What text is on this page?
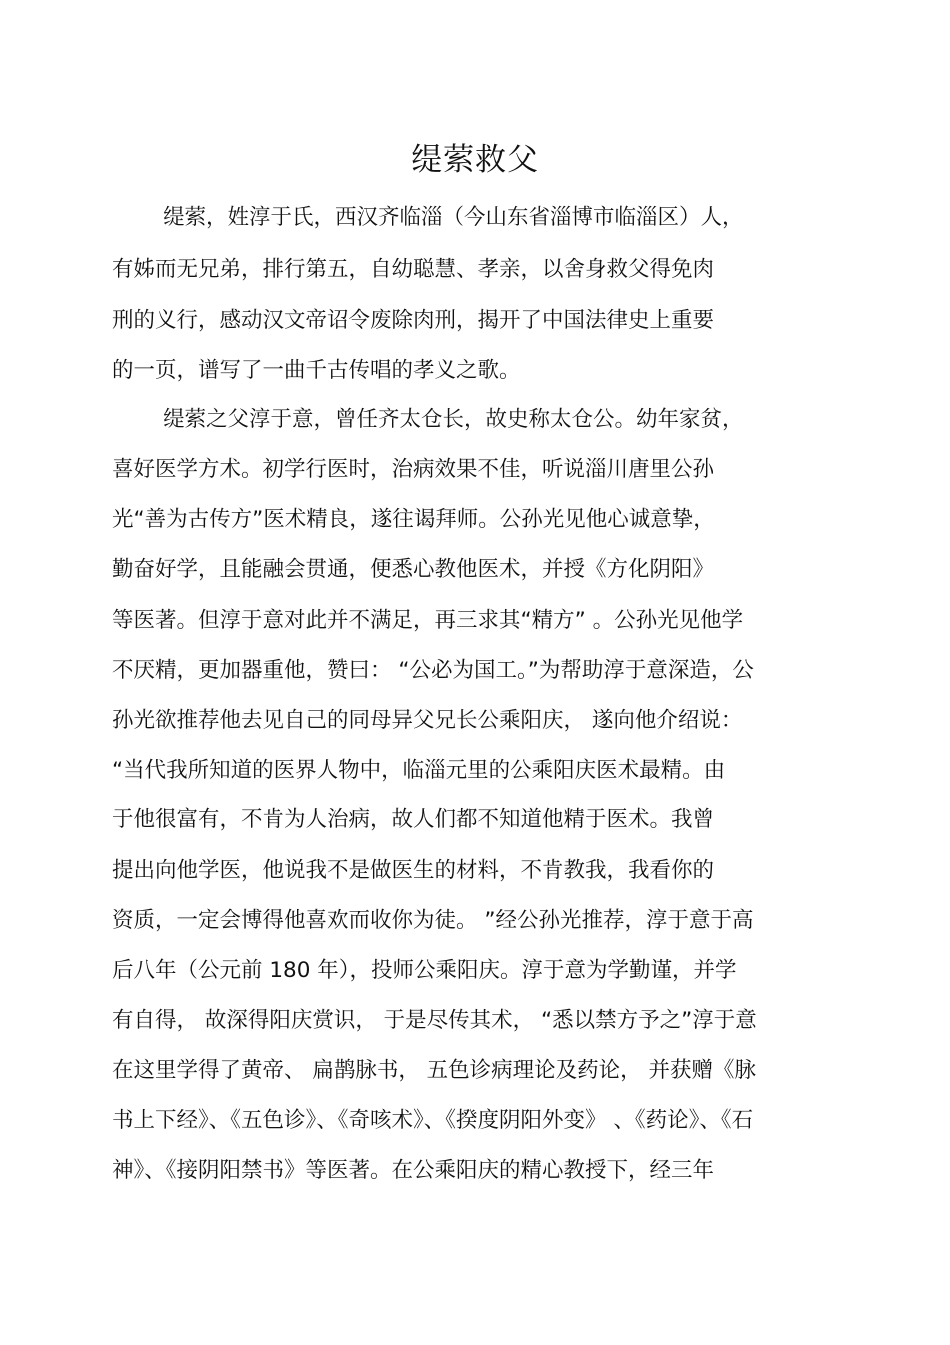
缇萦救父
缇萦，姓淳于氏，西汉齐临淄（今山东省淄博市临淄区）人，
有姊而无兄弟，排行第五，自幼聪慧、孝亲，以舍身救父得免肉
刑的义行，感动汉文帝诏令废除肉刑，揭开了中国法律史上重要
的一页，谱写了一曲千古传唱的孝义之歌。
缇萦之父淳于意，曾任齐太仓长，故史称太仓公。幼年家贫，
喜好医学方术。初学行医时，治病效果不佳，听说淄川唐里公孙
光“善为古传方”医术精良，遂往谒拜师。公孙光见他心诚意挚，
勤奋好学，且能融会贯通，便悉心教他医术，并授《方化阴阳》
等医著。但淳于意对此并不满足，再三求其“精方” 。公孙光见他学
不厌精，更加器重他，赞曰： “公必为国工。”为帮助淳于意深造，公
孙光欲推荐他去见自己的同母异父兄长公乘阳庆， 遂向他介绍说：
“当代我所知道的医界人物中，临淄元里的公乘阳庆医术最精。由
于他很富有，不肯为人治病，故人们都不知道他精于医术。我曾
提出向他学医，他说我不是做医生的材料，不肯教我，我看你的
资质，一定会博得他喜欢而收你为徒。 ”经公孙光推荐，淳于意于高
后八年（公元前 180 年），投师公乘阳庆。淳于意为学勤谨，并学
有自得， 故深得阳庆赏识， 于是尽传其术， “悉以禁方予之”淳于意
在这里学得了黄帝、 扁鹊脉书， 五色诊病理论及药论， 并获赠《脉
书上下经》、《五色诊》、《奇咳术》、《揆度阴阳外变》 、《药论》、《石
神》、《接阴阳禁书》等医著。在公乘阳庆的精心教授下，经三年
